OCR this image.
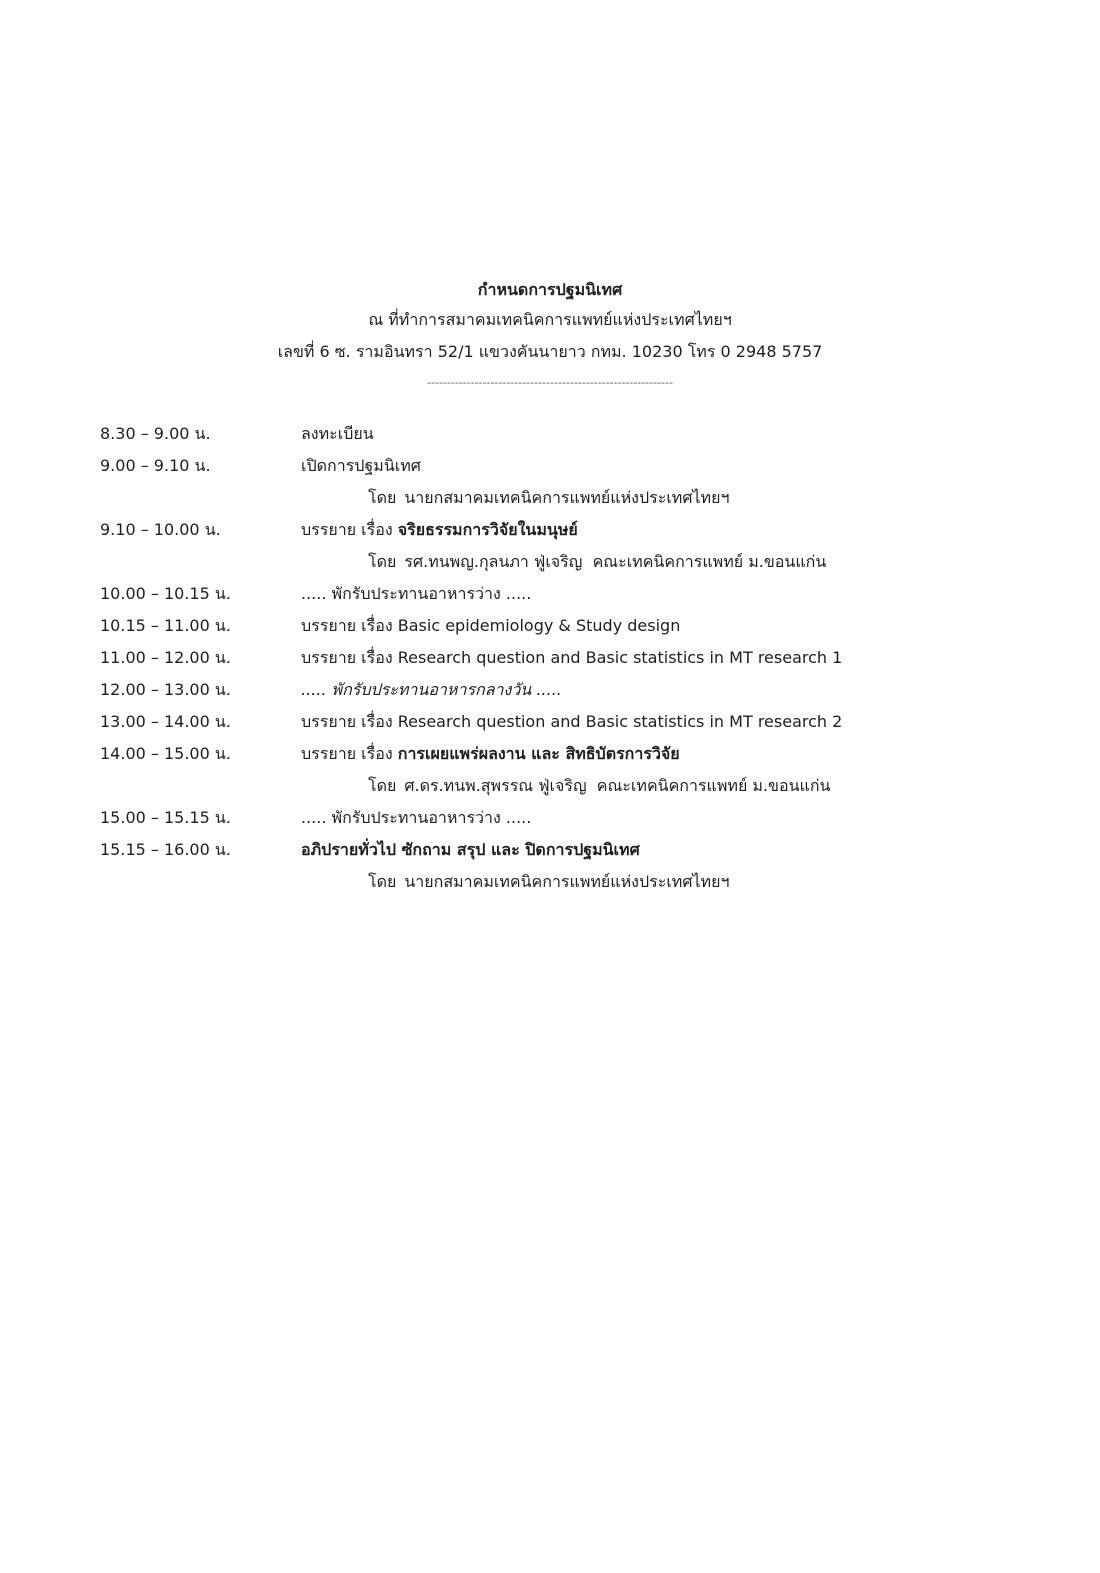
กำหนดการปฐมนิเทศ
ณ ที่ทำการสมาคมเทคนิคการแพทย์แห่งประเทศไทยฯ
เลขที่ 6 ซ. รามอินทรา 52/1 แขวงคันนายาว กทม. 10230 โทร 0 2948 5757
--------------------------------------------------------------
8.30 – 9.00 น.	ลงทะเบียน
9.00 – 9.10 น.	เปิดการปฐมนิเทศ
โดย นายกสมาคมเทคนิคการแพทย์แห่งประเทศไทยฯ
9.10 – 10.00 น.	บรรยาย เรื่อง จริยธรรมการวิจัยในมนุษย์
โดย รศ.ทนพญ.กุลนภา ฟู่เจริญ  คณะเทคนิคการแพทย์ ม.ขอนแก่น
10.00 – 10.15 น.	..... พักรับประทานอาหารว่าง .....
10.15 – 11.00 น.	บรรยาย เรื่อง Basic epidemiology & Study design
11.00 – 12.00 น.	บรรยาย เรื่อง Research question and Basic statistics in MT research 1
12.00 – 13.00 น.	..... พักรับประทานอาหารกลางวัน .....
13.00 – 14.00 น.	บรรยาย เรื่อง Research question and Basic statistics in MT research 2
14.00 – 15.00 น.	บรรยาย เรื่อง การเผยแพร่ผลงาน และ สิทธิบัตรการวิจัย
โดย ศ.ดร.ทนพ.สุพรรณ ฟู่เจริญ  คณะเทคนิคการแพทย์ ม.ขอนแก่น
15.00 – 15.15 น.	..... พักรับประทานอาหารว่าง .....
15.15 – 16.00 น.	อภิปรายทั่วไป ซักถาม สรุป และ ปิดการปฐมนิเทศ
โดย นายกสมาคมเทคนิคการแพทย์แห่งประเทศไทยฯ
